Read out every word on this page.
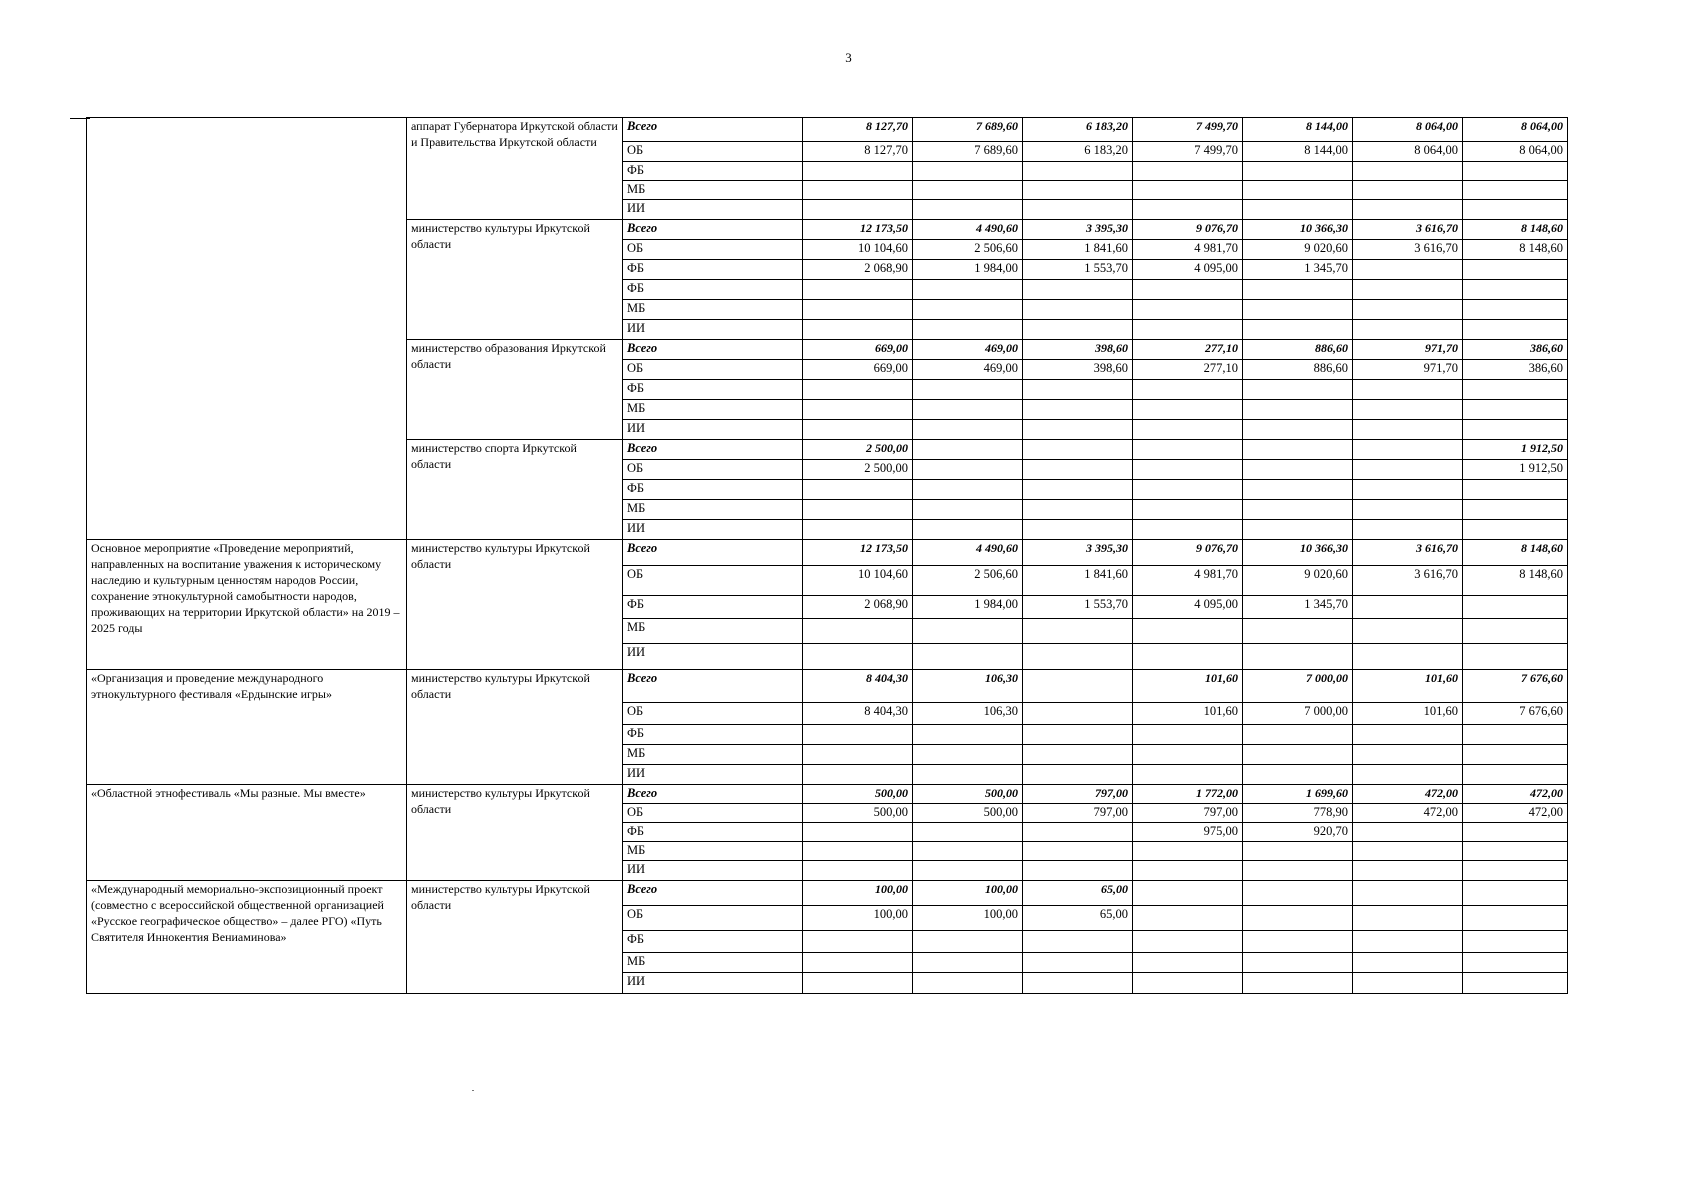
3
	аппарат Губернатора Иркутской области и Правительства Иркутской области	Всего	8 127,70	7 689,60	6 183,20	7 499,70	8 144,00	8 064,00	8 064,00
		ОБ	8 127,70	7 689,60	6 183,20	7 499,70	8 144,00	8 064,00	8 064,00
		ФБ							
		МБ							
		ИИ							
	министерство культуры Иркутской области	Всего	12 173,50	4 490,60	3 395,30	9 076,70	10 366,30	3 616,70	8 148,60
		ОБ	10 104,60	2 506,60	1 841,60	4 981,70	9 020,60	3 616,70	8 148,60
		ФБ	2 068,90	1 984,00	1 553,70	4 095,00	1 345,70		
		ФБ							
		МБ							
		ИИ							
	министерство образования Иркутской области	Всего	669,00	469,00	398,60	277,10	886,60	971,70	386,60
		ОБ	669,00	469,00	398,60	277,10	886,60	971,70	386,60
		ФБ							
		МБ							
		ИИ							
	министерство спорта Иркутской области	Всего	2 500,00						1 912,50
		ОБ	2 500,00						1 912,50
		ФБ							
		МБ							
		ИИ							
Основное мероприятие «Проведение мероприятий, направленных на воспитание уважения к историческому наследию и культурным ценностям народов России, сохранение этнокультурной самобытности народов, проживающих на территории Иркутской области» на 2019 – 2025 годы	министерство культуры Иркутской области	Всего	12 173,50	4 490,60	3 395,30	9 076,70	10 366,30	3 616,70	8 148,60
		ОБ	10 104,60	2 506,60	1 841,60	4 981,70	9 020,60	3 616,70	8 148,60
		ФБ	2 068,90	1 984,00	1 553,70	4 095,00	1 345,70		
		МБ							
		ИИ							
«Организация и проведение международного этнокультурного фестиваля «Ердынские игры»	министерство культуры Иркутской области	Всего	8 404,30	106,30		101,60	7 000,00	101,60	7 676,60
		ОБ	8 404,30	106,30		101,60	7 000,00	101,60	7 676,60
		ФБ							
		МБ							
		ИИ							
«Областной этнофестиваль «Мы разные. Мы вместе»	министерство культуры Иркутской области	Всего	500,00	500,00	797,00	1 772,00	1 699,60	472,00	472,00
		ОБ	500,00	500,00	797,00	797,00	778,90	472,00	472,00
		ФБ				975,00	920,70		
		МБ							
		ИИ							
«Международный мемориально-экспозиционный проект (совместно с всероссийской общественной организацией «Русское географическое общество» – далее РГО) «Путь Святителя Иннокентия Вениаминова»	министерство культуры Иркутской области	Всего	100,00	100,00	65,00				
		ОБ	100,00	100,00	65,00				
		ФБ							
		МБ							
		ИИ							
